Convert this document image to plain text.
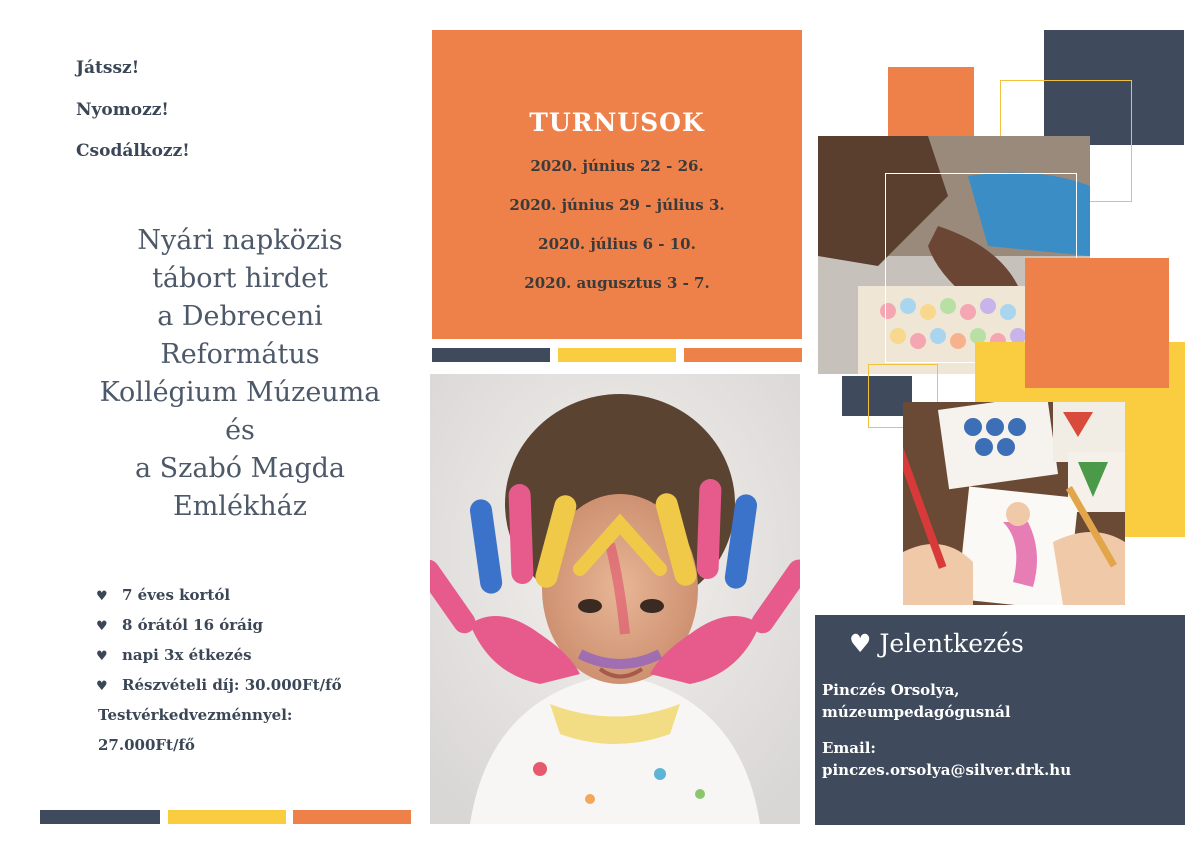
Játssz!
Nyomozz!
Csodálkozz!
Nyári napközis
tábort hirdet
a Debreceni
Református
Kollégium Múzeuma
és
a Szabó Magda
Emlékház
♥ 7 éves kortól
♥ 8 órától 16 óráig
♥ napi 3x étkezés
♥ Részvételi díj: 30.000Ft/fő
Testvérkedvezménnyel:
27.000Ft/fő
TURNUSOK
2020. június 22 - 26.
2020. június 29 - július 3.
2020. július 6 - 10.
2020. augusztus 3 - 7.
♥ Jelentkezés
Pinczés Orsolya,
múzeumpedagógusnál
Email:
pinczes.orsolya@silver.drk.hu
